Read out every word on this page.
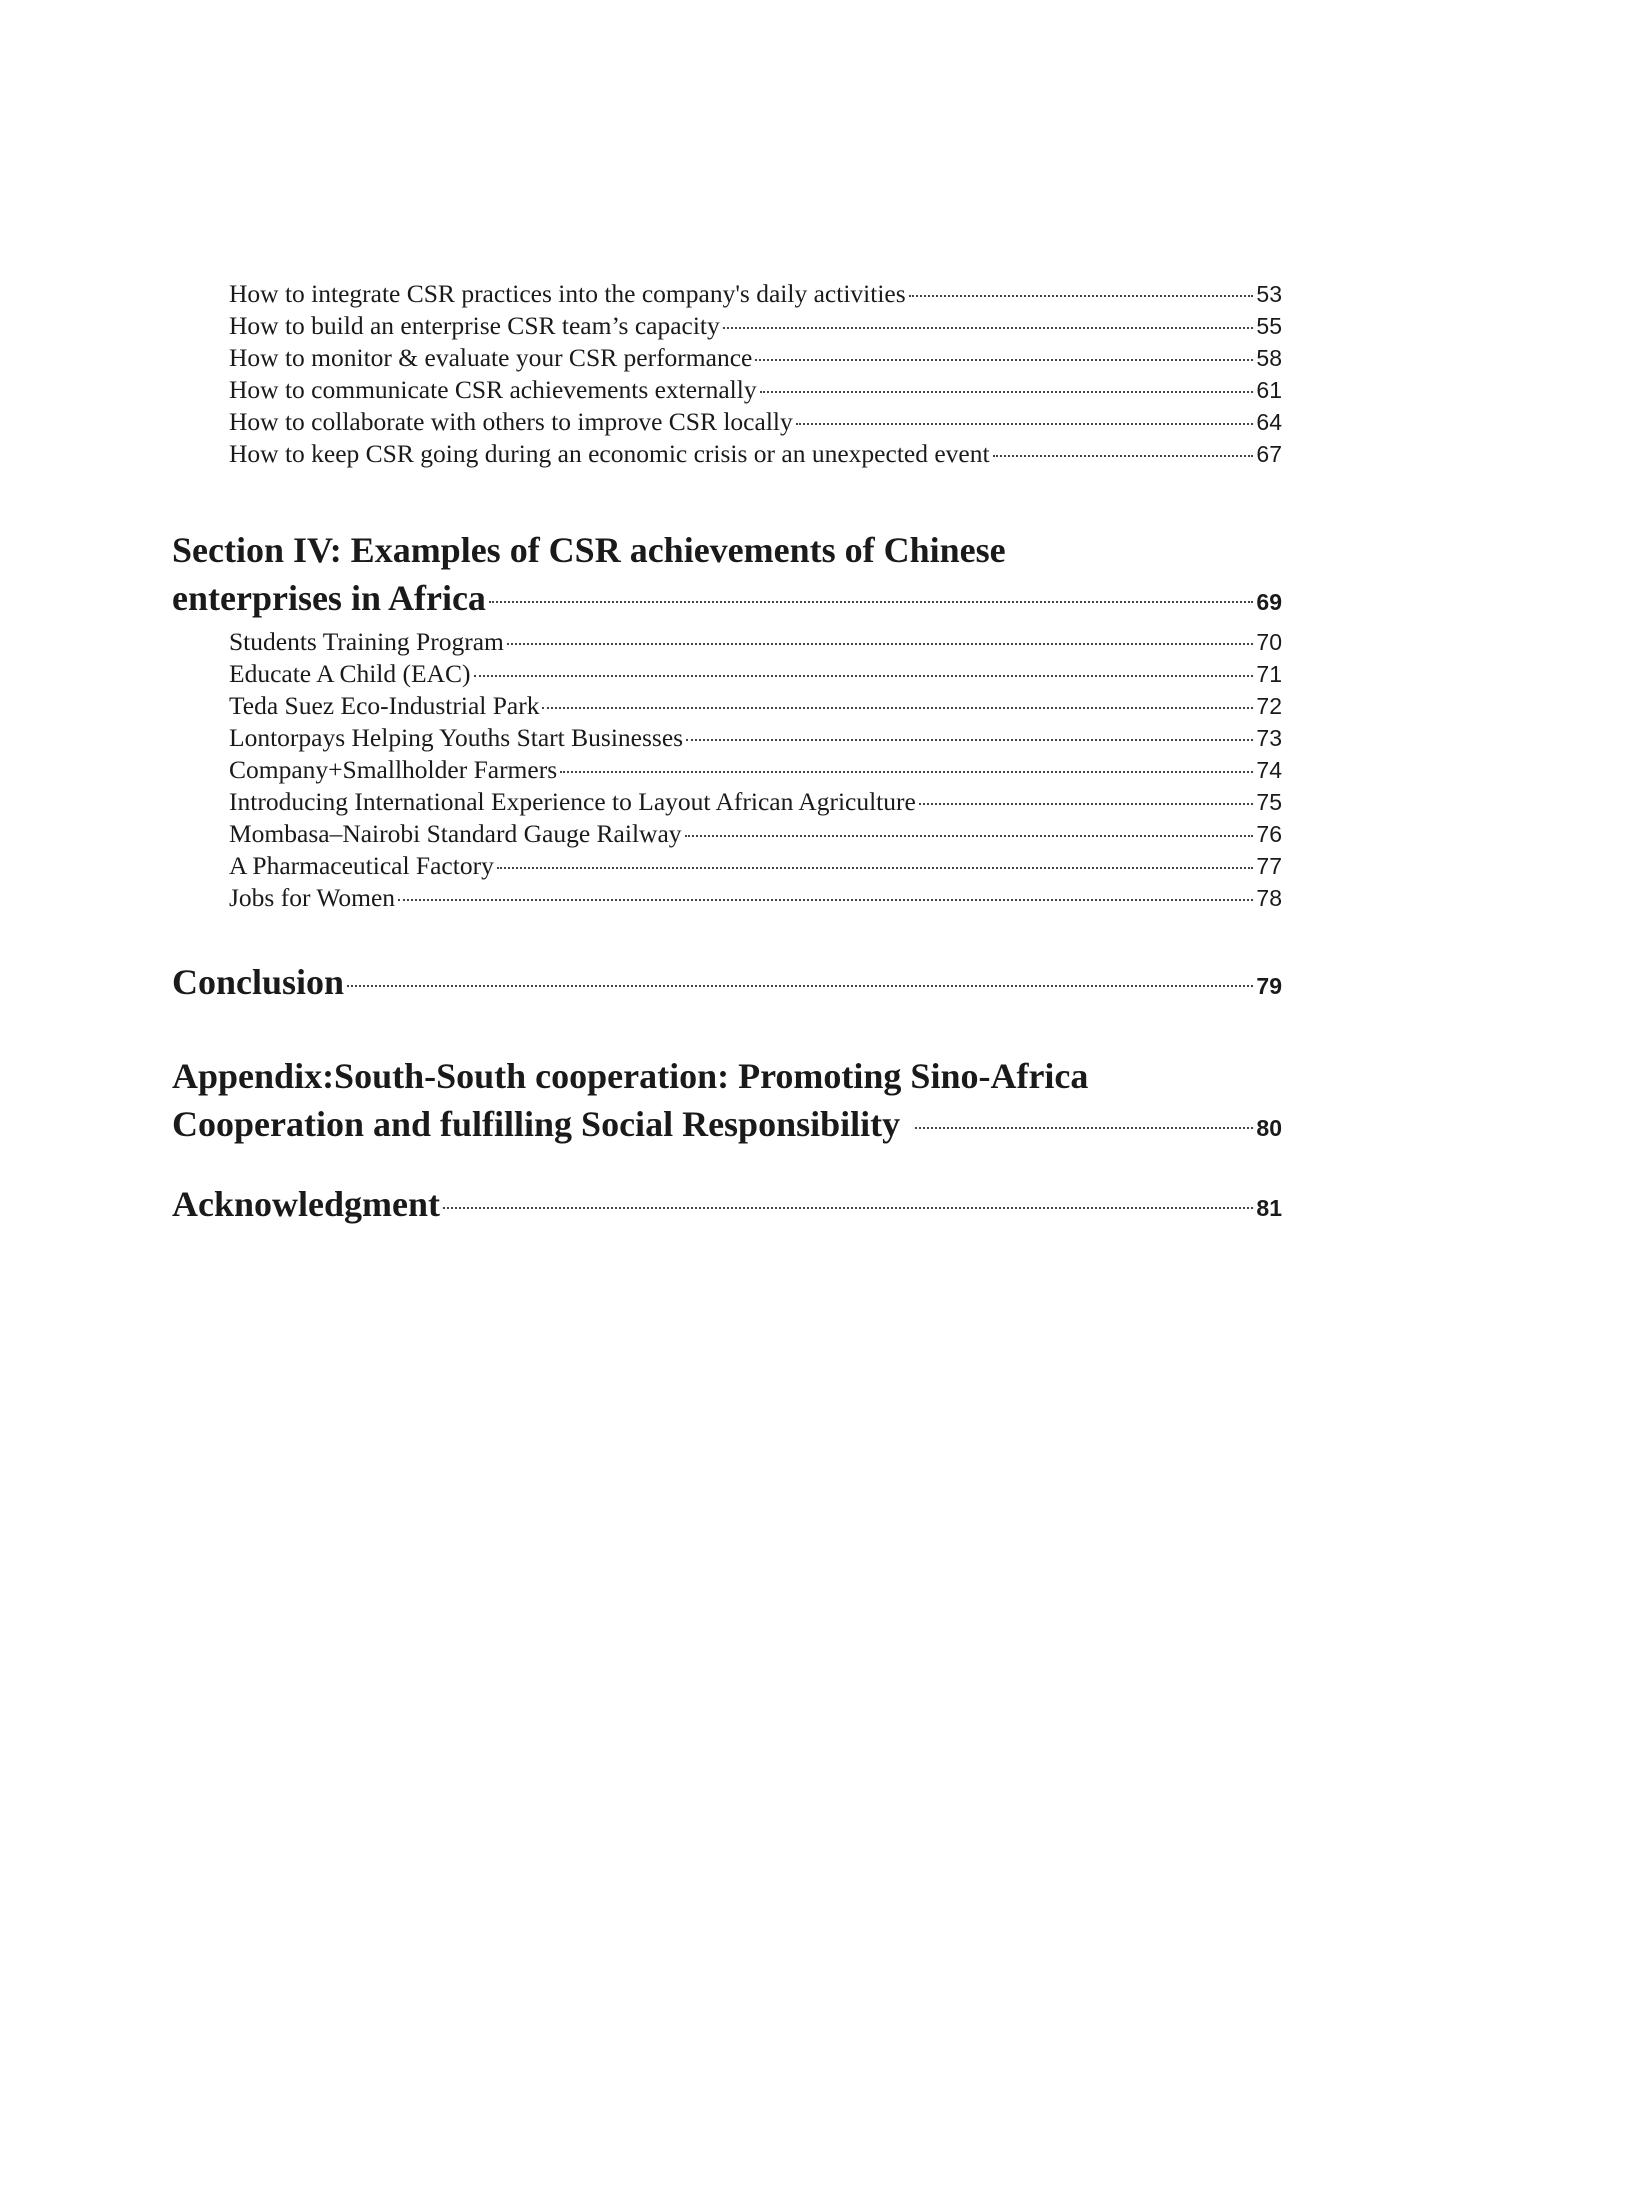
How to integrate CSR practices into the company's daily activities	53
How to build an enterprise CSR team’s capacity	55
How to monitor & evaluate your CSR performance	58
How to communicate CSR achievements externally	61
How to collaborate with others to improve CSR locally	64
How to keep CSR going during an economic crisis or an unexpected event	67
Section IV: Examples of CSR achievements of Chinese
enterprises in Africa	69
Students Training Program	70
Educate A Child (EAC)	71
Teda Suez Eco-Industrial Park	72
Lontorpays Helping Youths Start Businesses	73
Company+Smallholder Farmers	74
Introducing International Experience to Layout African Agriculture	75
Mombasa–Nairobi Standard Gauge Railway	76
A Pharmaceutical Factory	77
Jobs for Women	78
Conclusion	79
Appendix:South-South cooperation: Promoting Sino-Africa
Cooperation and fulfilling Social Responsibility	80
Acknowledgment	81
